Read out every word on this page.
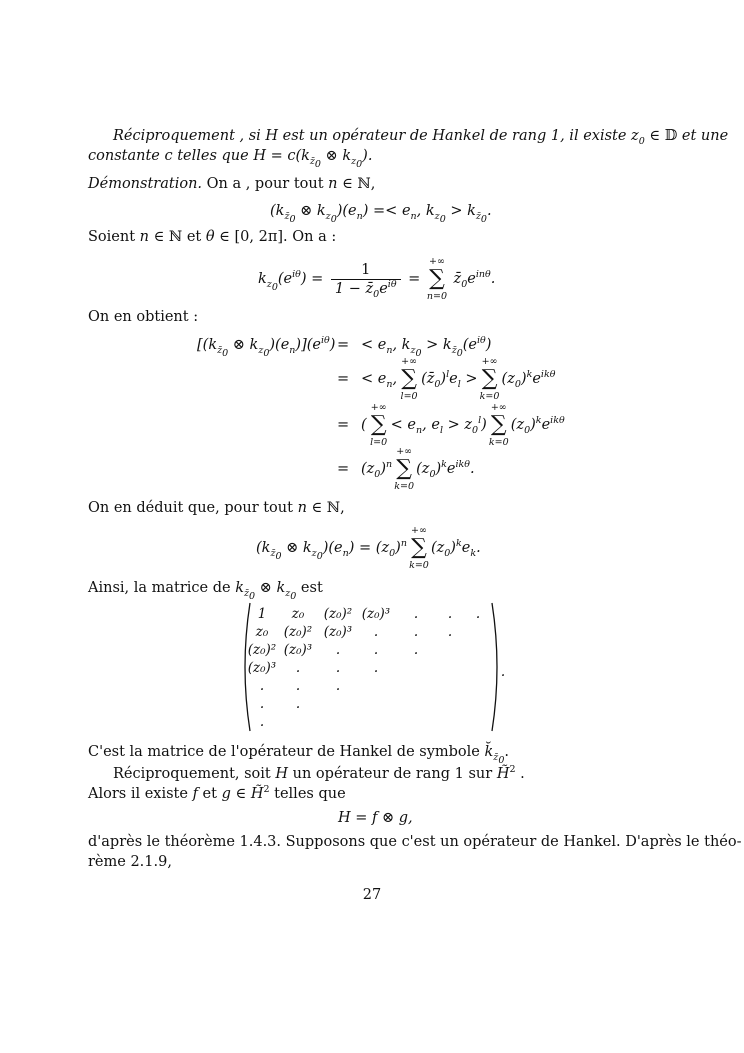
Réciproquement , si H est un opérateur de Hankel de rang 1, il existe $z_0$ ∈ 𝔻 et une
constante c telles que $H = c(k_{z̄_0}$ ⊗ $k_{z_0}$).
Démonstration. On a , pour tout n ∈ ℕ,
($k_{z̄_0}$ ⊗ $k_{z_0})(e_n) =< e_n$, $k_{z_0} > k_{z̄_0}$.
Soient n ∈ ℕ et θ ∈ [0, 2π]. On a :
$k_{z_0}(e^{i\theta}) = \frac{1}{1 - z̄_0e^{i\theta}}$ =
+∞
∑
n=0
$z̄_0e^{in\theta}$.
On en obtient :
[($k_{z̄_0}$ ⊗ $k_{z_0})(e_n)](e^{i\theta})$ = < $e_n$, $k_{z_0} > k_{z̄_0}(e^{i\theta})$
= < $e_n$,
+∞
∑
l=0
$(z̄_0)^le_l$ >
+∞
∑
k=0
$(z_0)^ke^{ik\theta}$
= (
+∞
∑
l=0
< $e_n$, $e_l > z_0^l$)
+∞
∑
k=0
$(z_0)^ke^{ik\theta}$
= $(z_0)^n$
+∞
∑
k=0
$(z_0)^ke^{ik\theta}$.
On en déduit que, pour tout n ∈ ℕ,
($k_{z̄_0}$ ⊗ $k_{z_0})(e_n) = (z_0)^n$
+∞
∑
k=0
$(z_0)^ke_k$.
Ainsi, la matrice de $k_{z̄_0}$ ⊗ $k_{z_0}$ est
1	z₀	(z₀)² (z₀)³	.	.	.
z₀	(z₀)² (z₀)³	.	.	.
(z₀)² (z₀)³	.	.	.
(z₀)³	.	.	.
.	.	.
.	.
.
.
C'est la matrice de l'opérateur de Hankel de symbole $k̆_{z̄_0}$.
Réciproquement, soit H un opérateur de rang 1 sur H̃$^2$ .
Alors il existe f et g ∈ H̃$^2$ telles que
H = f ⊗ g,
d'après le théorème 1.4.3. Supposons que c'est un opérateur de Hankel. D'après le théo-
rème 2.1.9,
27
